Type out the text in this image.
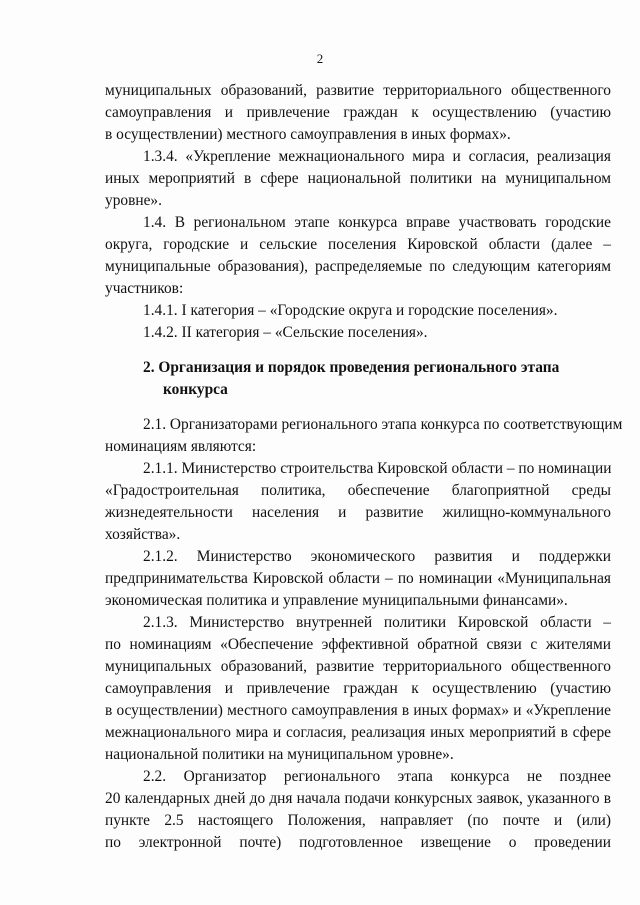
2
муниципальных образований, развитие территориального общественного
самоуправления и привлечение граждан к осуществлению (участию
в осуществлении) местного самоуправления в иных формах».
1.3.4. «Укрепление межнационального мира и согласия, реализация
иных мероприятий в сфере национальной политики на муниципальном
уровне».
1.4. В региональном этапе конкурса вправе участвовать городские
округа, городские и сельские поселения Кировской области (далее –
муниципальные образования), распределяемые по следующим категориям
участников:
1.4.1. I категория – «Городские округа и городские поселения».
1.4.2. II категория – «Сельские поселения».
2. Организация и порядок проведения регионального этапа
конкурса
2.1. Организаторами регионального этапа конкурса по соответствующим
номинациям являются:
2.1.1. Министерство строительства Кировской области – по номинации
«Градостроительная политика, обеспечение благоприятной среды
жизнедеятельности населения и развитие жилищно-коммунального
хозяйства».
2.1.2. Министерство экономического развития и поддержки
предпринимательства Кировской области – по номинации «Муниципальная
экономическая политика и управление муниципальными финансами».
2.1.3. Министерство внутренней политики Кировской области –
по номинациям «Обеспечение эффективной обратной связи с жителями
муниципальных образований, развитие территориального общественного
самоуправления и привлечение граждан к осуществлению (участию
в осуществлении) местного самоуправления в иных формах» и «Укрепление
межнационального мира и согласия, реализация иных мероприятий в сфере
национальной политики на муниципальном уровне».
2.2. Организатор регионального этапа конкурса не позднее
20 календарных дней до дня начала подачи конкурсных заявок, указанного в
пункте 2.5 настоящего Положения, направляет (по почте и (или)
по электронной почте) подготовленное извещение о проведении
